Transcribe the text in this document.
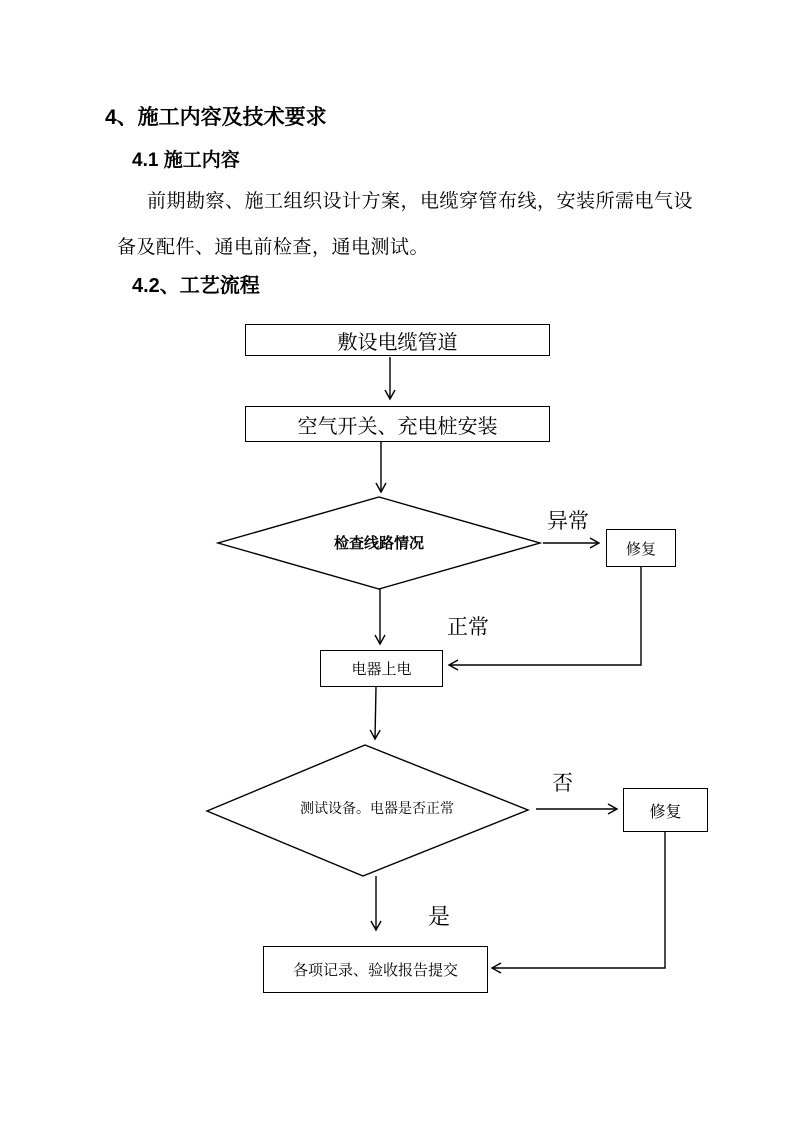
4、施工内容及技术要求
4.1 施工内容
前期勘察、施工组织设计方案，电缆穿管布线，安装所需电气设
备及配件、通电前检查，通电测试。
4.2、工艺流程
敷设电缆管道
空气开关、充电桩安装
修复
电器上电
修复
各项记录、验收报告提交
检查线路情况
测试设备。电器是否正常
异常
正常
否
是
